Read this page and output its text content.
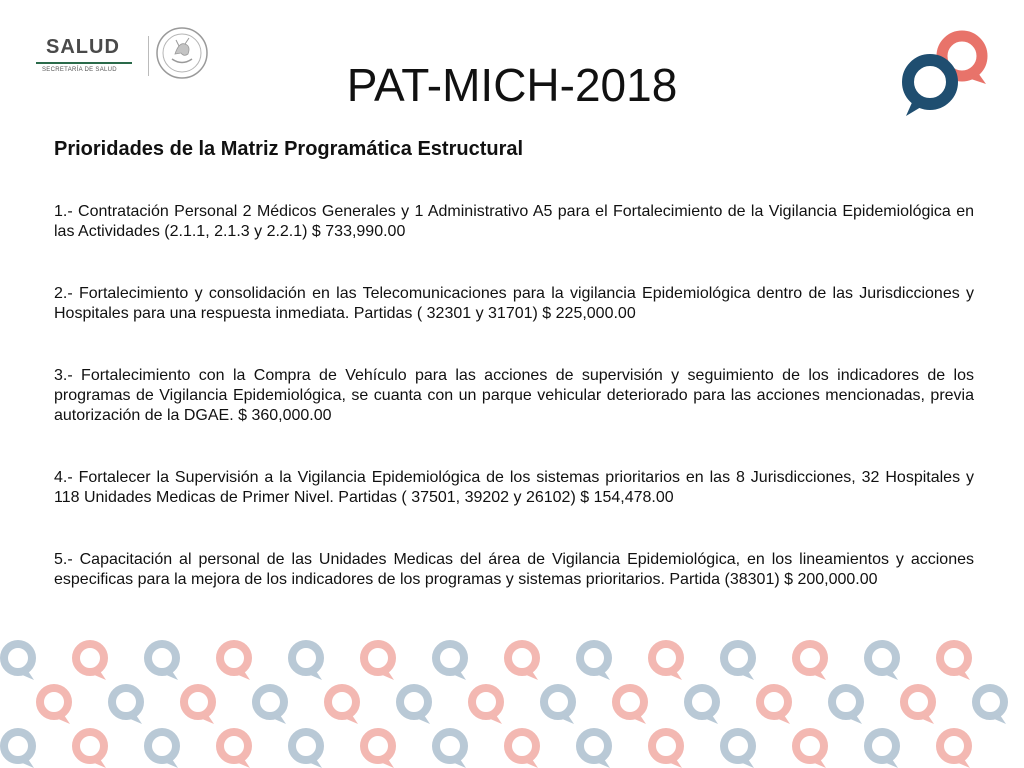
SALUD
SECRETARÍA DE SALUD	PAT-MICH-2018
Prioridades de la Matriz Programática Estructural

1.- Contratación Personal 2 Médicos Generales y 1 Administrativo A5 para el Fortalecimiento de la Vigilancia Epidemiológica en las Actividades (2.1.1, 2.1.3 y 2.2.1) $ 733,990.00

2.- Fortalecimiento y consolidación en las Telecomunicaciones para la vigilancia Epidemiológica dentro de las Jurisdicciones y Hospitales para una respuesta inmediata. Partidas ( 32301 y 31701) $ 225,000.00

3.- Fortalecimiento con la Compra de Vehículo para las acciones de supervisión y seguimiento de los indicadores de los programas de Vigilancia Epidemiológica, se cuanta con un parque vehicular deteriorado para las acciones mencionadas, previa autorización de la DGAE. $ 360,000.00

4.- Fortalecer la Supervisión a la Vigilancia Epidemiológica de los sistemas prioritarios en las 8 Jurisdicciones, 32 Hospitales y 118 Unidades Medicas de Primer Nivel. Partidas ( 37501, 39202 y 26102) $ 154,478.00

5.- Capacitación al personal de las Unidades Medicas del área de Vigilancia Epidemiológica, en los lineamientos y acciones especificas para la mejora de los indicadores de los programas y sistemas prioritarios. Partida (38301) $ 200,000.00
